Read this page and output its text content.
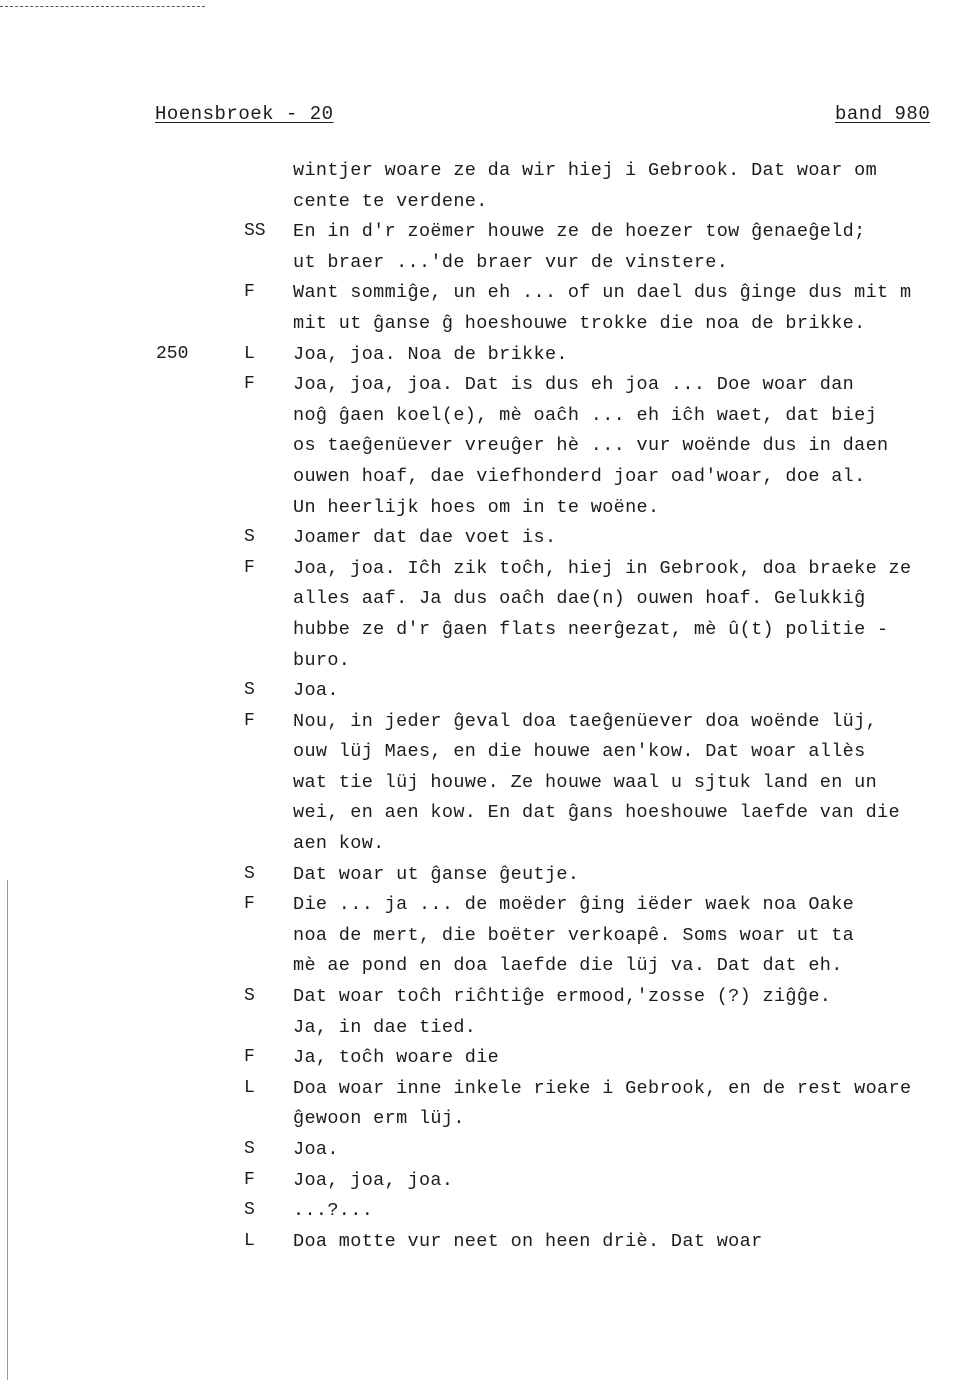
Hoensbroek - 20	band 980
wintjer woare ze da wir hiej i Gebrook. Dat woar om
cente te verdene.
SS En in d'r zoëmer houwe ze de hoezer tow ĝenaeĝeld;
ut braer ...'de braer vur de vinstere.
F Want sommiĝe, un eh ... of un dael dus ĝinge dus mit m
mit ut ĝanse ĝ hoeshouwe trokke die noa de brikke.
250	L Joa, joa. Noa de brikke.
F Joa, joa, joa. Dat is dus eh joa ... Doe woar dan
noĝ ĝaen koel(e), mè oaĉh ... eh iĉh waet, dat biej
os taeĝenüever vreuĝer hè ... vur woënde dus in daen
ouwen hoaf, dae viefhonderd joar oad'woar, doe al.
Un heerlijk hoes om in te woëne.
S Joamer dat dae voet is.
F Joa, joa. Iĉh zik toĉh, hiej in Gebrook, doa braeke ze
alles aaf. Ja dus oaĉh dae(n) ouwen hoaf. Gelukkiĝ
hubbe ze d'r ĝaen flats neerĝezat, mè û(t) politie -
buro.
S Joa.
F Nou, in jeder ĝeval doa taeĝenüever doa woënde lüj,
ouw lüj Maes, en die houwe aen'kow. Dat woar allès
wat tie lüj houwe. Ze houwe waal u sjtuk land en un
wei, en aen kow. En dat ĝans hoeshouwe laefde van die
aen kow.
S Dat woar ut ĝanse ĝeutje.
F Die ... ja ... de moëder ĝing iëder waek noa Oake
noa de mert, die boëter verkoapê. Soms woar ut ta
mè ae pond en doa laefde die lüj va. Dat dat eh.
S Dat woar toĉh riĉhtiĝe ermood,'zosse (?) ziĝĝe.
Ja, in dae tied.
F Ja, toĉh woare die
L Doa woar inne inkele rieke i Gebrook, en de rest woare
ĝewoon erm lüj.
S Joa.
F Joa, joa, joa.
S ...?...
L Doa motte vur neet on heen driè. Dat woar
